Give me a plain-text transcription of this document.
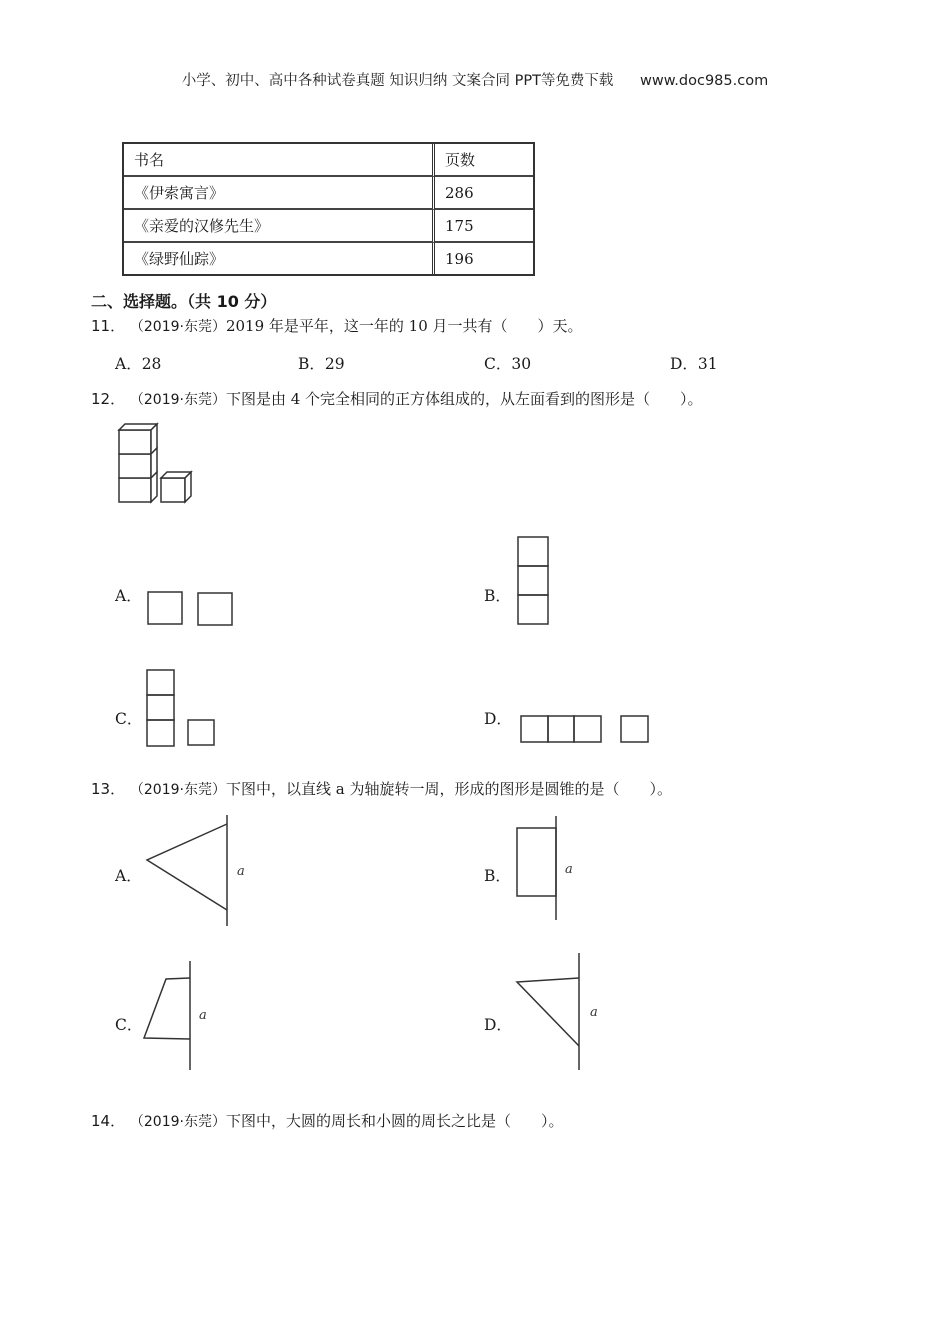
小学、初中、高中各种试卷真题 知识归纳 文案合同 PPT等免费下载 www.doc985.com
书名	页数
《伊索寓言》	286
《亲爱的汉修先生》	175
《绿野仙踪》	196
二、选择题。（共 10 分）
11． （2019·东莞）2019 年是平年，这一年的 10 月一共有（　　）天。
A．28	B．29	C．30	D．31
12． （2019·东莞）下图是由 4 个完全相同的正方体组成的，从左面看到的图形是（　　）。
A．	B．
C．	D．
13． （2019·东莞）下图中，以直线 a 为轴旋转一周，形成的图形是圆锥的是（　　）。
A．	a	B．	a
C．
a
D．
a
14． （2019·东莞）下图中，大圆的周长和小圆的周长之比是（　　）。
